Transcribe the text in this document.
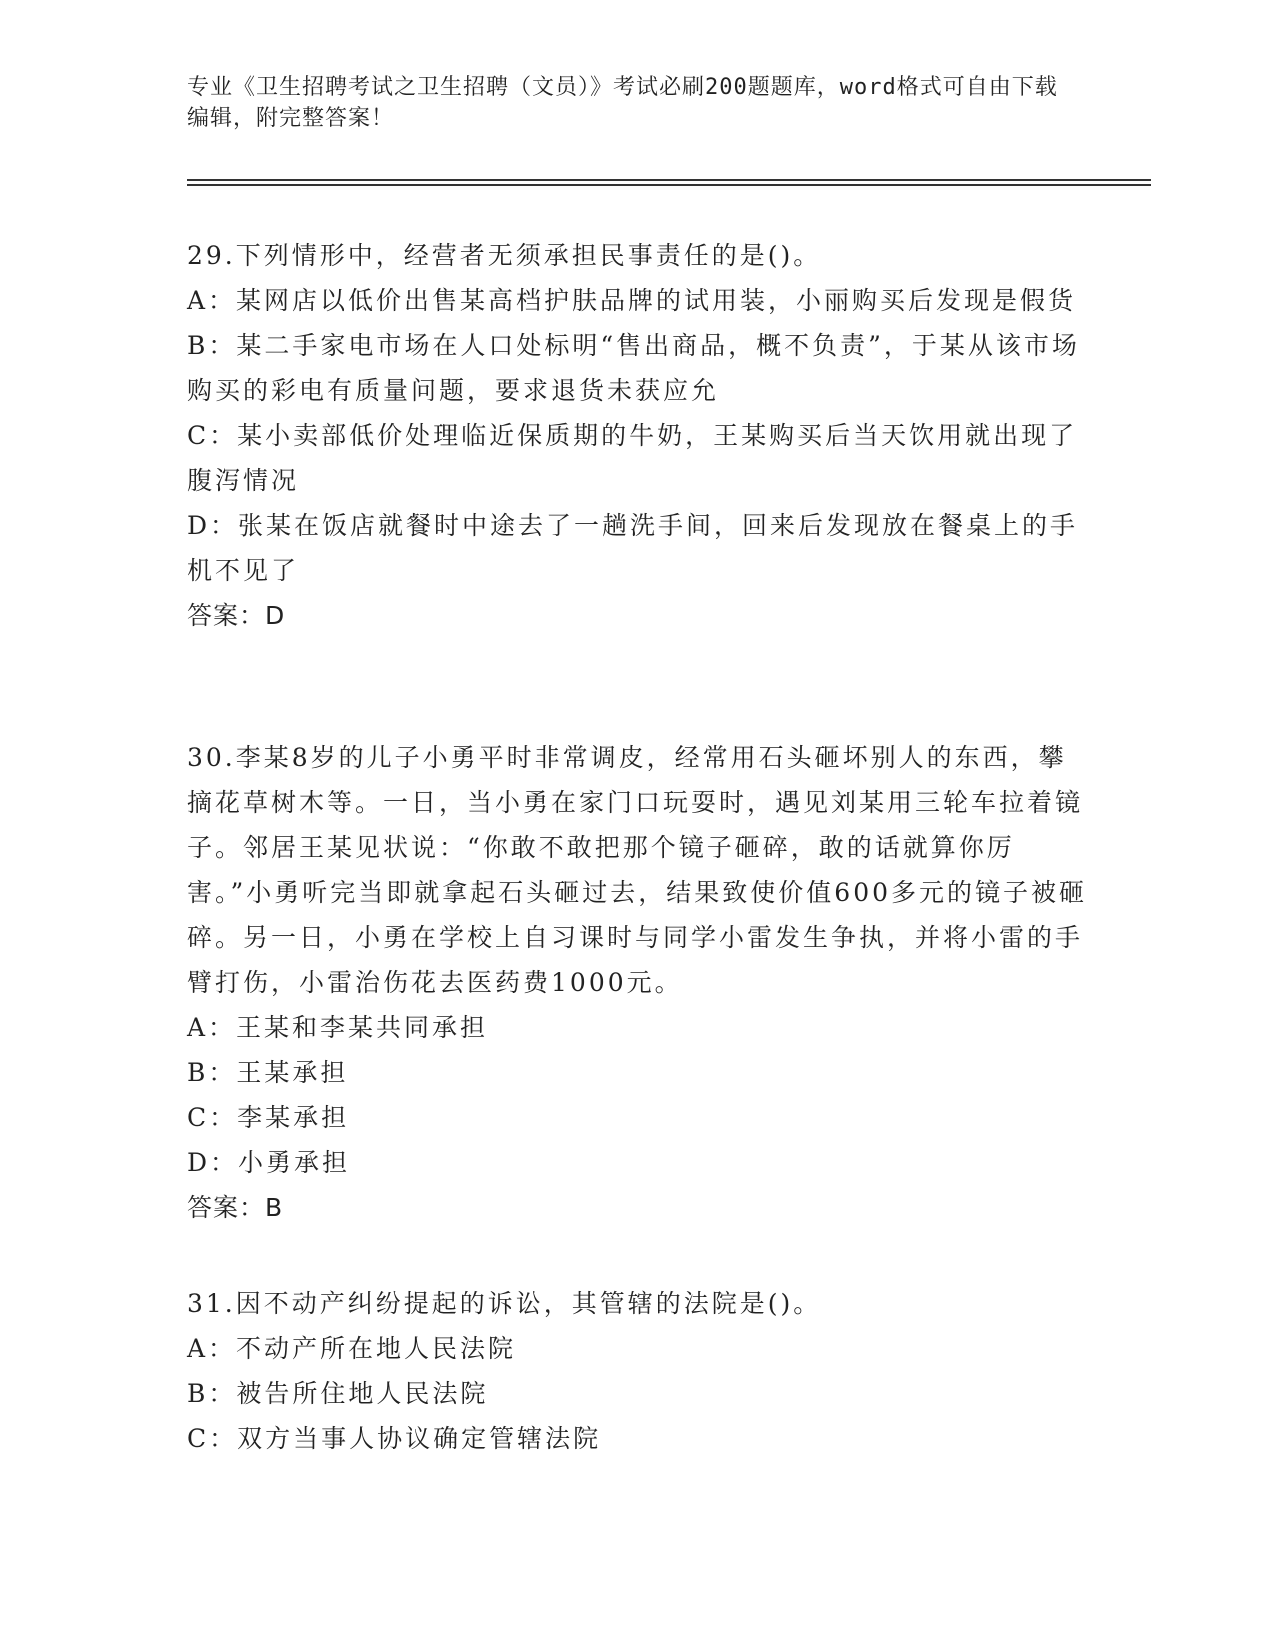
专业《卫生招聘考试之卫生招聘（文员）》考试必刷200题题库，word格式可自由下载编辑，附完整答案！
29.下列情形中，经营者无须承担民事责任的是()。
A：某网店以低价出售某高档护肤品牌的试用装，小丽购买后发现是假货
B：某二手家电市场在人口处标明“售出商品，概不负责”，于某从该市场购买的彩电有质量问题，要求退货未获应允
C：某小卖部低价处理临近保质期的牛奶，王某购买后当天饮用就出现了腹泻情况
D：张某在饭店就餐时中途去了一趟洗手间，回来后发现放在餐桌上的手机不见了
答案：D
30.李某8岁的儿子小勇平时非常调皮，经常用石头砸坏别人的东西，攀摘花草树木等。一日，当小勇在家门口玩耍时，遇见刘某用三轮车拉着镜子。邻居王某见状说：“你敢不敢把那个镜子砸碎，敢的话就算你厉害。”小勇听完当即就拿起石头砸过去，结果致使价值600多元的镜子被砸碎。另一日，小勇在学校上自习课时与同学小雷发生争执，并将小雷的手臂打伤，小雷治伤花去医药费1000元。
A：王某和李某共同承担
B：王某承担
C：李某承担
D：小勇承担
答案：B
31.因不动产纠纷提起的诉讼，其管辖的法院是()。
A：不动产所在地人民法院
B：被告所住地人民法院
C：双方当事人协议确定管辖法院
